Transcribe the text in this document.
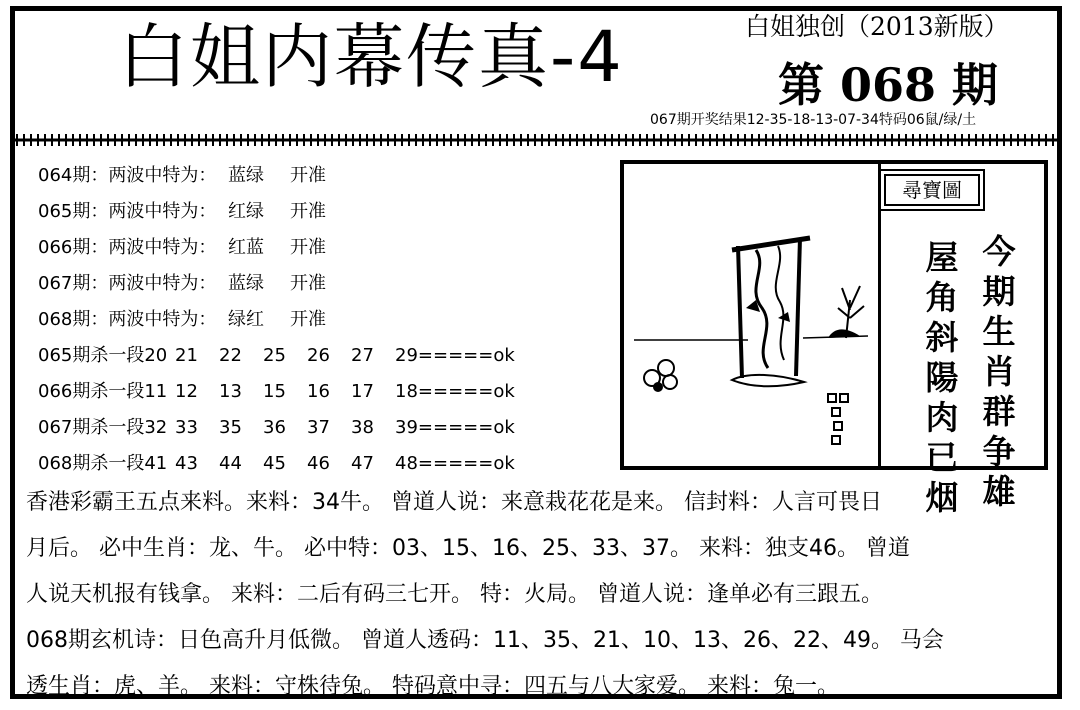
白姐内幕传真-4	白姐独创（2013新版）
第 068 期
067期开奖结果12-35-18-13-07-34特码06鼠/绿/土
064期：两波中特为： 蓝绿 开准
065期：两波中特为： 红绿 开准
066期：两波中特为： 红蓝 开准
067期：两波中特为： 蓝绿 开准
068期：两波中特为： 绿红 开准
065期杀一段20 21 22 25 26 27 29=====ok
066期杀一段11 12 13 15 16 17 18=====ok
067期杀一段32 33 35 36 37 38 39=====ok
068期杀一段41 43 44 45 46 47 48=====ok
尋寶圖
今期生肖群争雄
屋角斜陽肉已烟

香港彩霸王五点来料。来料：34牛。 曾道人说：来意栽花花是来。 信封料：人言可畏日

月后。 必中生肖：龙、牛。 必中特：03、15、16、25、33、37。 来料：独支46。 曾道

人说天机报有钱拿。 来料：二后有码三七开。 特：火局。 曾道人说：逢单必有三跟五。

068期玄机诗：日色高升月低微。 曾道人透码：11、35、21、10、13、26、22、49。 马会

透生肖：虎、羊。 来料：守株待兔。 特码意中寻：四五与八大家爱。 来料：兔一。
